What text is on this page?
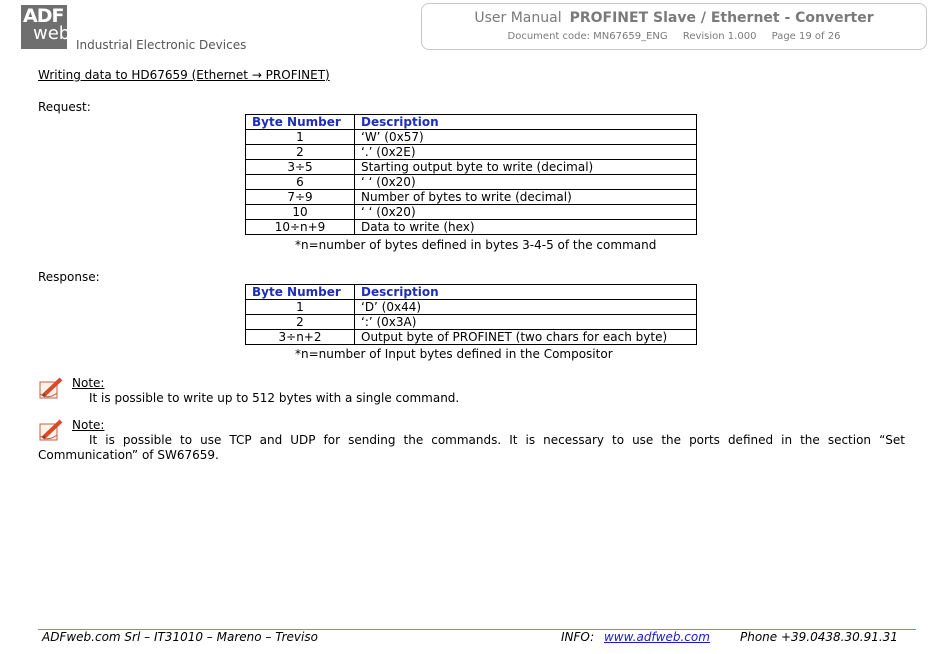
ADF
web
Industrial Electronic Devices
User Manual PROFINET Slave / Ethernet - Converter
Document code: MN67659_ENG Revision 1.000 Page 19 of 26
Writing data to HD67659 (Ethernet → PROFINET)
Request:
Byte Number	Description
1	‘W’ (0x57)
2	‘.’ (0x2E)
3÷5	Starting output byte to write (decimal)
6	‘ ‘ (0x20)
7÷9	Number of bytes to write (decimal)
10	‘ ‘ (0x20)
10÷n+9	Data to write (hex)
*n=number of bytes defined in bytes 3-4-5 of the command
Response:
Byte Number	Description
1	‘D’ (0x44)
2	‘:’ (0x3A)
3÷n+2	Output byte of PROFINET (two chars for each byte)
*n=number of Input bytes defined in the Compositor
Note:
It is possible to write up to 512 bytes with a single command.
Note:
It is possible to use TCP and UDP for sending the commands. It is necessary to use the ports defined in the section “Set Communication” of SW67659.
ADFweb.com Srl – IT31010 – Mareno – Treviso	INFO: www.adfweb.com	Phone +39.0438.30.91.31
